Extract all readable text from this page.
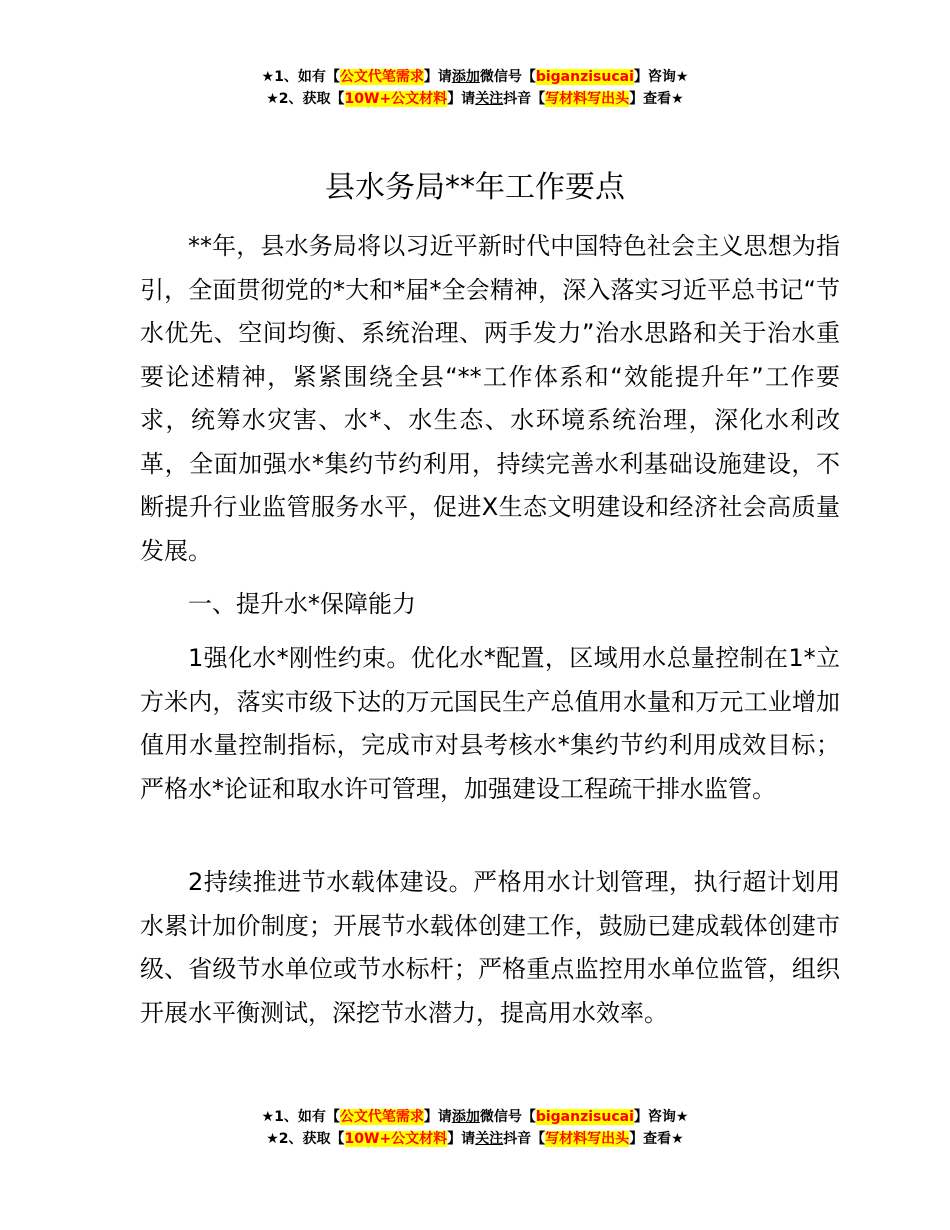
★1、如有【公文代笔需求】请添加微信号【biganzisucai】咨询★
★2、获取【10W+公文材料】请关注抖音【写材料写出头】查看★
县水务局**年工作要点

**年，县水务局将以习近平新时代中国特色社会主义思想为指引，全面贯彻党的*大和*届*全会精神，深入落实习近平总书记“节水优先、空间均衡、系统治理、两手发力”治水思路和关于治水重要论述精神，紧紧围绕全县“**工作体系和“效能提升年”工作要求，统筹水灾害、水*、水生态、水环境系统治理，深化水利改革，全面加强水*集约节约利用，持续完善水利基础设施建设，不断提升行业监管服务水平，促进X生态文明建设和经济社会高质量发展。

一、提升水*保障能力

1强化水*刚性约束。优化水*配置，区域用水总量控制在1*立方米内，落实市级下达的万元国民生产总值用水量和万元工业增加值用水量控制指标，完成市对县考核水*集约节约利用成效目标；严格水*论证和取水许可管理，加强建设工程疏干排水监管。

2持续推进节水载体建设。严格用水计划管理，执行超计划用水累计加价制度；开展节水载体创建工作，鼓励已建成载体创建市级、省级节水单位或节水标杆；严格重点监控用水单位监管，组织开展水平衡测试，深挖节水潜力，提高用水效率。

★1、如有【公文代笔需求】请添加微信号【biganzisucai】咨询★
★2、获取【10W+公文材料】请关注抖音【写材料写出头】查看★
